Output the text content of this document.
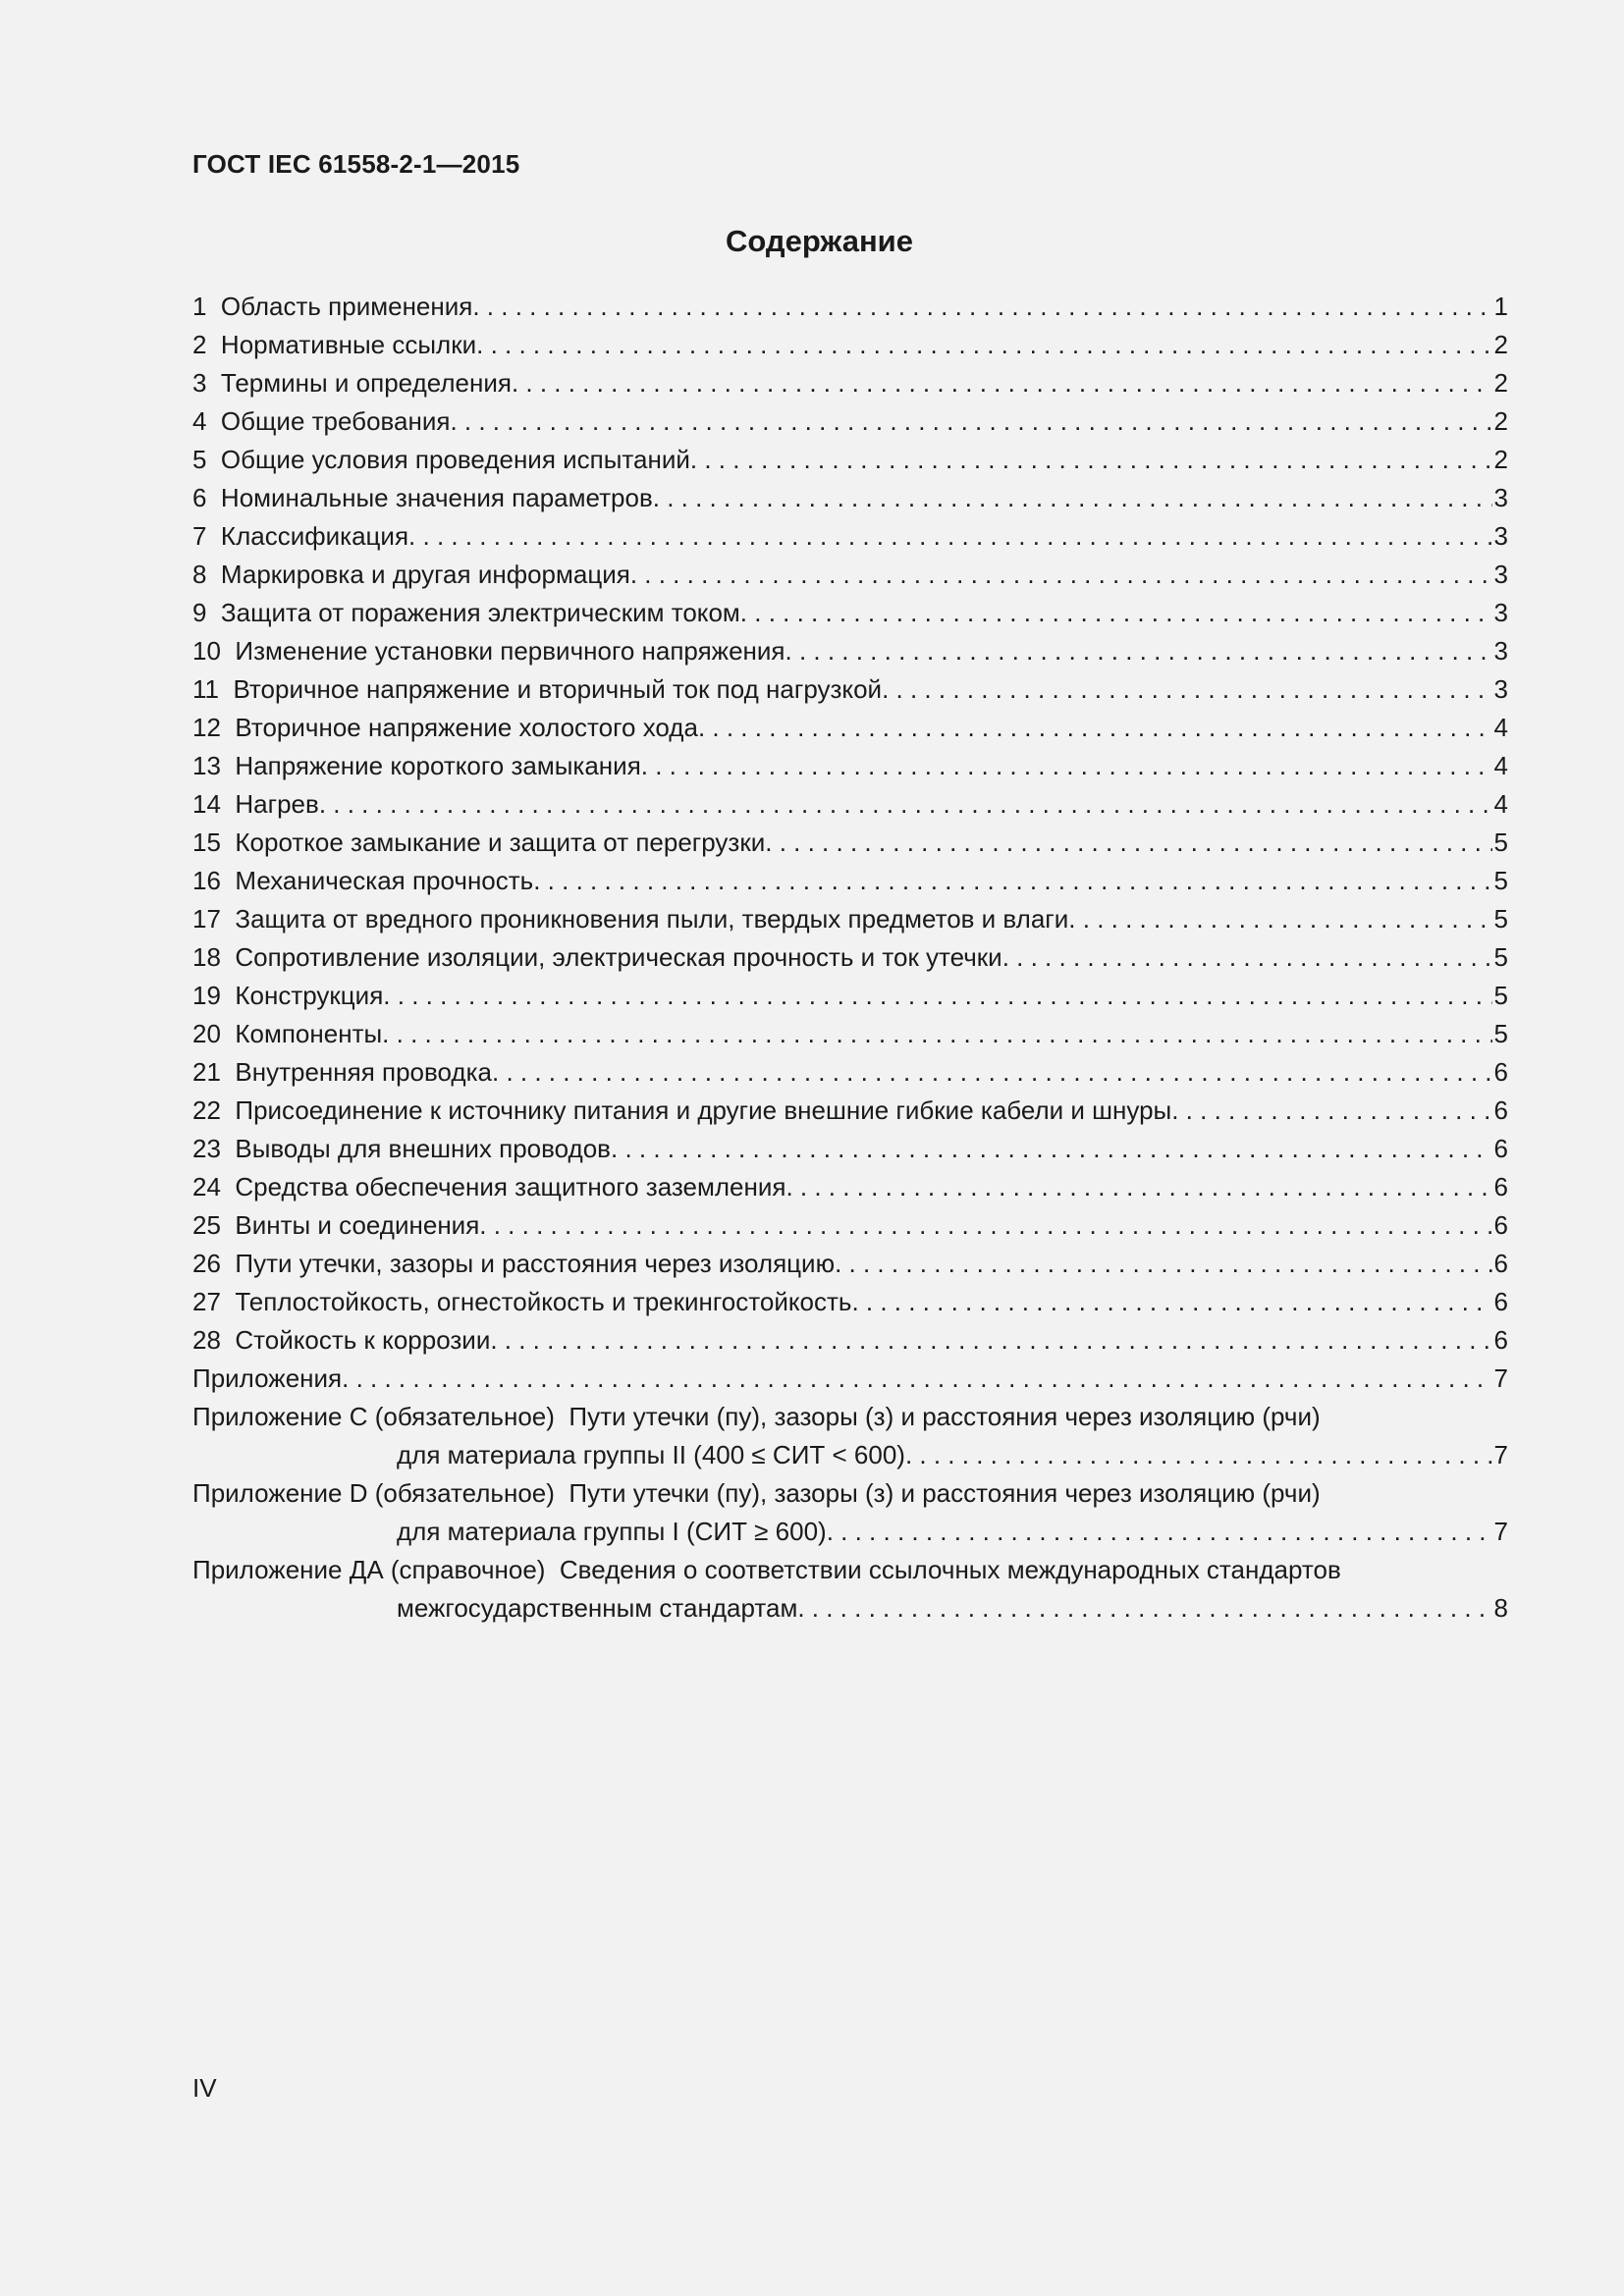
ГОСТ IEC 61558-2-1—2015
Содержание
1 Область применения . . .	1
2 Нормативные ссылки . . .	2
3 Термины и определения . . .	2
4 Общие требования . . .	2
5 Общие условия проведения испытаний . . .	2
6 Номинальные значения параметров . . .	3
7 Классификация . . .	3
8 Маркировка и другая информация . . .	3
9 Защита от поражения электрическим током . . .	3
10 Изменение установки первичного напряжения . . .	3
11 Вторичное напряжение и вторичный ток под нагрузкой . . .	3
12 Вторичное напряжение холостого хода . . .	4
13 Напряжение короткого замыкания . . .	4
14 Нагрев . . .	4
15 Короткое замыкание и защита от перегрузки . . .	5
16 Механическая прочность . . .	5
17 Защита от вредного проникновения пыли, твердых предметов и влаги . . .	5
18 Сопротивление изоляции, электрическая прочность и ток утечки . . .	5
19 Конструкция . . .	5
20 Компоненты . . .	5
21 Внутренняя проводка . . .	6
22 Присоединение к источнику питания и другие внешние гибкие кабели и шнуры . . .	6
23 Выводы для внешних проводов . . .	6
24 Средства обеспечения защитного заземления . . .	6
25 Винты и соединения . . .	6
26 Пути утечки, зазоры и расстояния через изоляцию . . .	6
27 Теплостойкость, огнестойкость и трекингостойкость . . .	6
28 Стойкость к коррозии . . .	6
Приложения . . .	7
Приложение С (обязательное) Пути утечки (пу), зазоры (з) и расстояния через изоляцию (рчи)
для материала группы II (400 ≤ СИТ < 600) . . .	7
Приложение D (обязательное) Пути утечки (пу), зазоры (з) и расстояния через изоляцию (рчи)
для материала группы I (СИТ ≥ 600) . . .	7
Приложение ДА (справочное) Сведения о соответствии ссылочных международных стандартов
межгосударственным стандартам . . .	8
IV
